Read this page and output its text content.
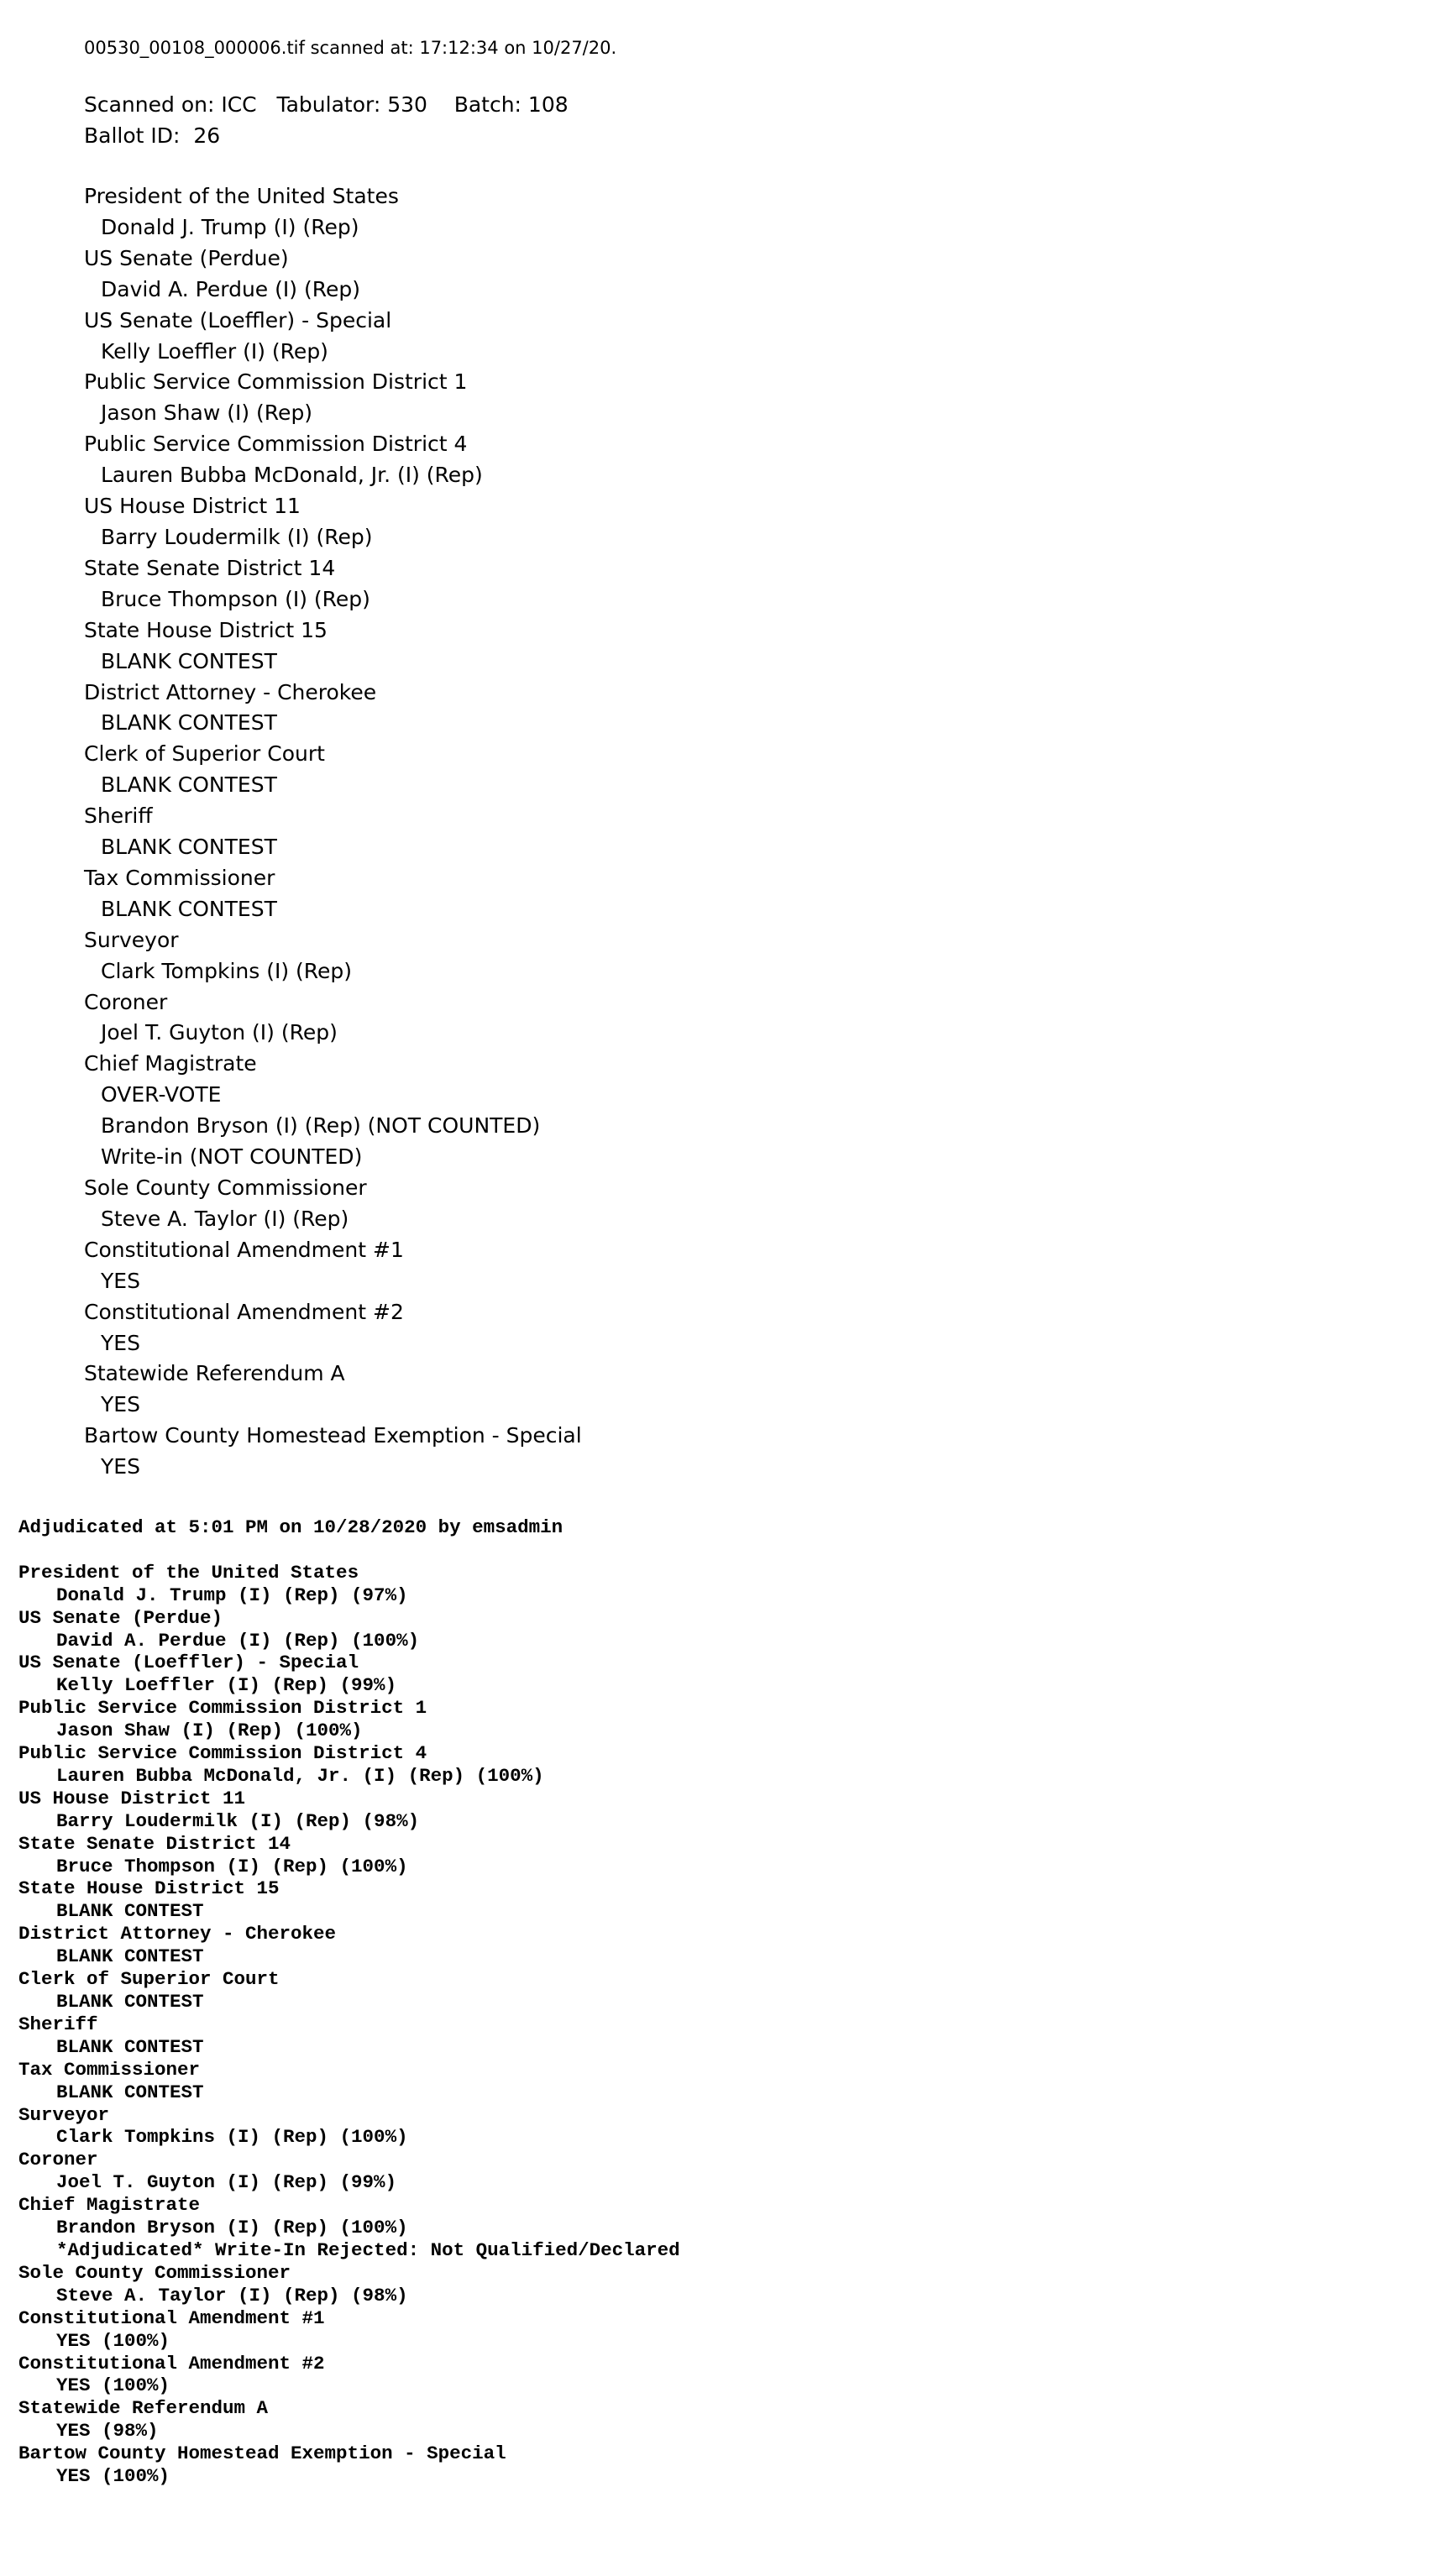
00530_00108_000006.tif scanned at: 17:12:34 on 10/27/20.
Scanned on: ICC   Tabulator: 530    Batch: 108
Ballot ID:  26
President of the United States
Donald J. Trump (I) (Rep)
US Senate (Perdue)
David A. Perdue (I) (Rep)
US Senate (Loeffler) - Special
Kelly Loeffler (I) (Rep)
Public Service Commission District 1
Jason Shaw (I) (Rep)
Public Service Commission District 4
Lauren Bubba McDonald, Jr. (I) (Rep)
US House District 11
Barry Loudermilk (I) (Rep)
State Senate District 14
Bruce Thompson (I) (Rep)
State House District 15
BLANK CONTEST
District Attorney - Cherokee
BLANK CONTEST
Clerk of Superior Court
BLANK CONTEST
Sheriff
BLANK CONTEST
Tax Commissioner
BLANK CONTEST
Surveyor
Clark Tompkins (I) (Rep)
Coroner
Joel T. Guyton (I) (Rep)
Chief Magistrate
OVER-VOTE
Brandon Bryson (I) (Rep) (NOT COUNTED)
Write-in (NOT COUNTED)
Sole County Commissioner
Steve A. Taylor (I) (Rep)
Constitutional Amendment #1
YES
Constitutional Amendment #2
YES
Statewide Referendum A
YES
Bartow County Homestead Exemption - Special
YES
Adjudicated at 5:01 PM on 10/28/2020 by emsadmin
President of the United States
Donald J. Trump (I) (Rep) (97%)
US Senate (Perdue)
David A. Perdue (I) (Rep) (100%)
US Senate (Loeffler) - Special
Kelly Loeffler (I) (Rep) (99%)
Public Service Commission District 1
Jason Shaw (I) (Rep) (100%)
Public Service Commission District 4
Lauren Bubba McDonald, Jr. (I) (Rep) (100%)
US House District 11
Barry Loudermilk (I) (Rep) (98%)
State Senate District 14
Bruce Thompson (I) (Rep) (100%)
State House District 15
BLANK CONTEST
District Attorney - Cherokee
BLANK CONTEST
Clerk of Superior Court
BLANK CONTEST
Sheriff
BLANK CONTEST
Tax Commissioner
BLANK CONTEST
Surveyor
Clark Tompkins (I) (Rep) (100%)
Coroner
Joel T. Guyton (I) (Rep) (99%)
Chief Magistrate
Brandon Bryson (I) (Rep) (100%)
*Adjudicated* Write-In Rejected: Not Qualified/Declared
Sole County Commissioner
Steve A. Taylor (I) (Rep) (98%)
Constitutional Amendment #1
YES (100%)
Constitutional Amendment #2
YES (100%)
Statewide Referendum A
YES (98%)
Bartow County Homestead Exemption - Special
YES (100%)
